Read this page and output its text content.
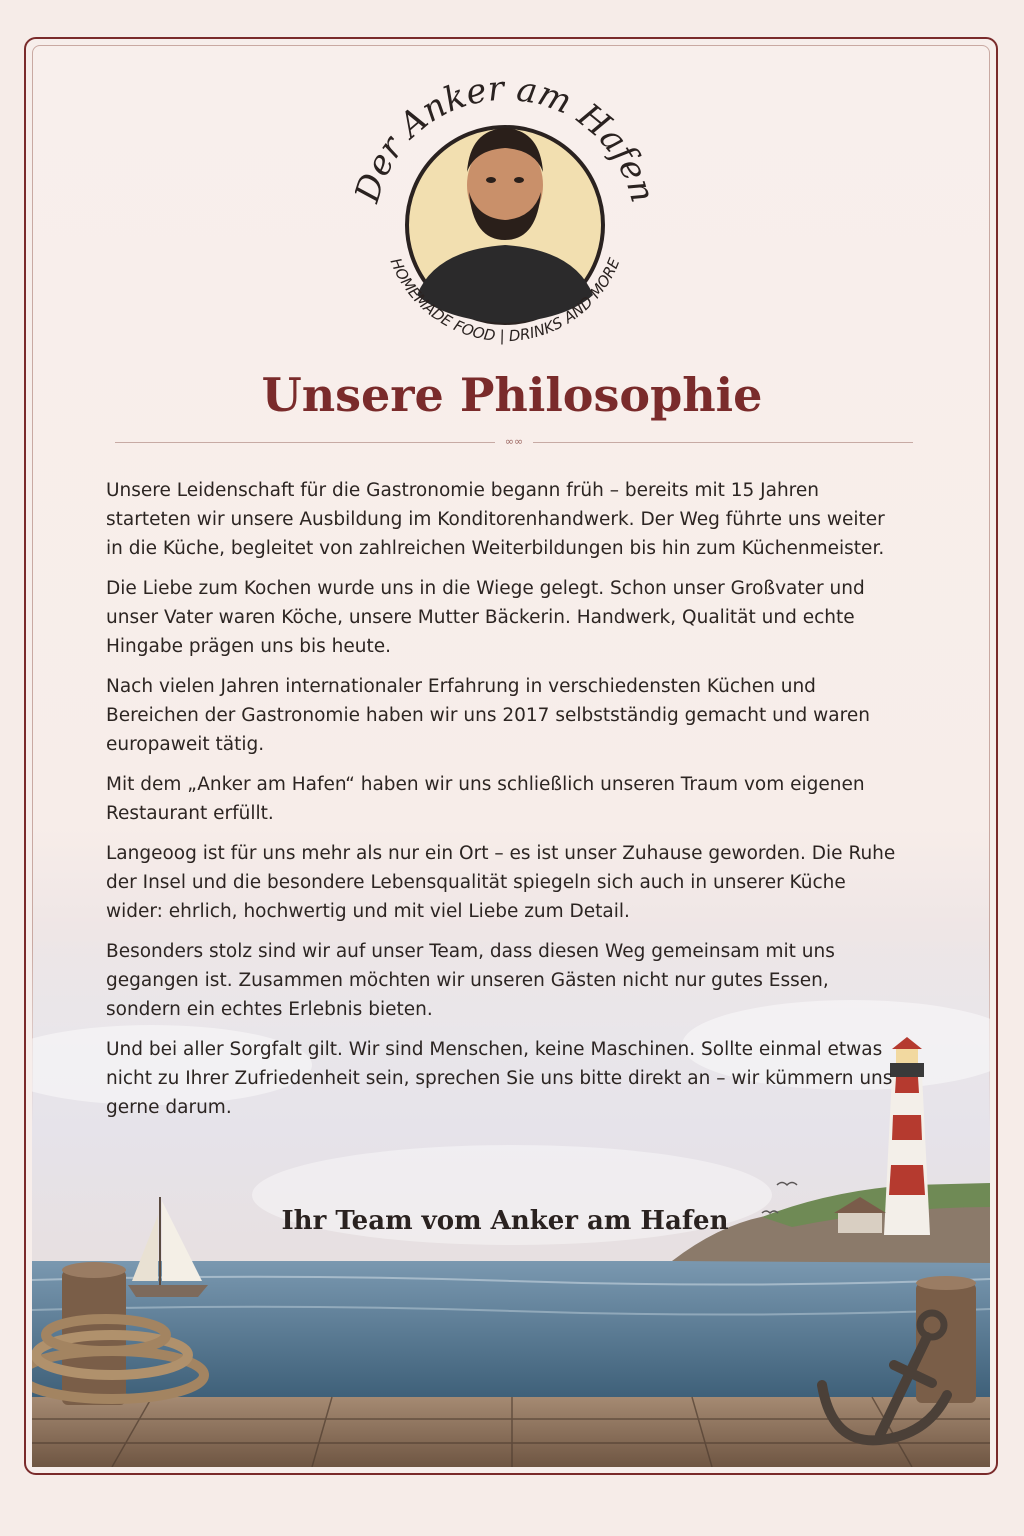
er Anker am Hafe
HOMEMADE FOOD | DRINKS AND MORE
Unsere Philosophie
∞∞

Unsere Leidenschaft für die Gastronomie begann früh – bereits mit 15 Jahren starteten wir unsere Ausbildung im Konditorenhandwerk. Der Weg führte uns weiter in die Küche, begleitet von zahlreichen Weiterbildungen bis hin zum Küchenmeister.

Die Liebe zum Kochen wurde uns in die Wiege gelegt. Schon unser Großvater und unser Vater waren Köche, unsere Mutter Bäckerin. Handwerk, Qualität und echte Hingabe prägen uns bis heute.

Nach vielen Jahren internationaler Erfahrung in verschiedensten Küchen und Bereichen der Gastronomie haben wir uns 2017 selbstständig gemacht und waren europaweit tätig.

Mit dem „Anker am Hafen“ haben wir uns schließlich unseren Traum vom eigenen Restaurant erfüllt.

Langeoog ist für uns mehr als nur ein Ort – es ist unser Zuhause geworden. Die Ruhe der Insel und die besondere Lebensqualität spiegeln sich auch in unserer Küche wider: ehrlich, hochwertig und mit viel Liebe zum Detail.

Besonders stolz sind wir auf unser Team, dass diesen Weg gemeinsam mit uns gegangen ist. Zusammen möchten wir unseren Gästen nicht nur gutes Essen, sondern ein echtes Erlebnis bieten.

Und bei aller Sorgfalt gilt. Wir sind Menschen, keine Maschinen. Sollte einmal etwas nicht zu Ihrer Zufriedenheit sein, sprechen Sie uns bitte direkt an – wir kümmern uns gerne darum.

Ihr Team vom Anker am Hafen
